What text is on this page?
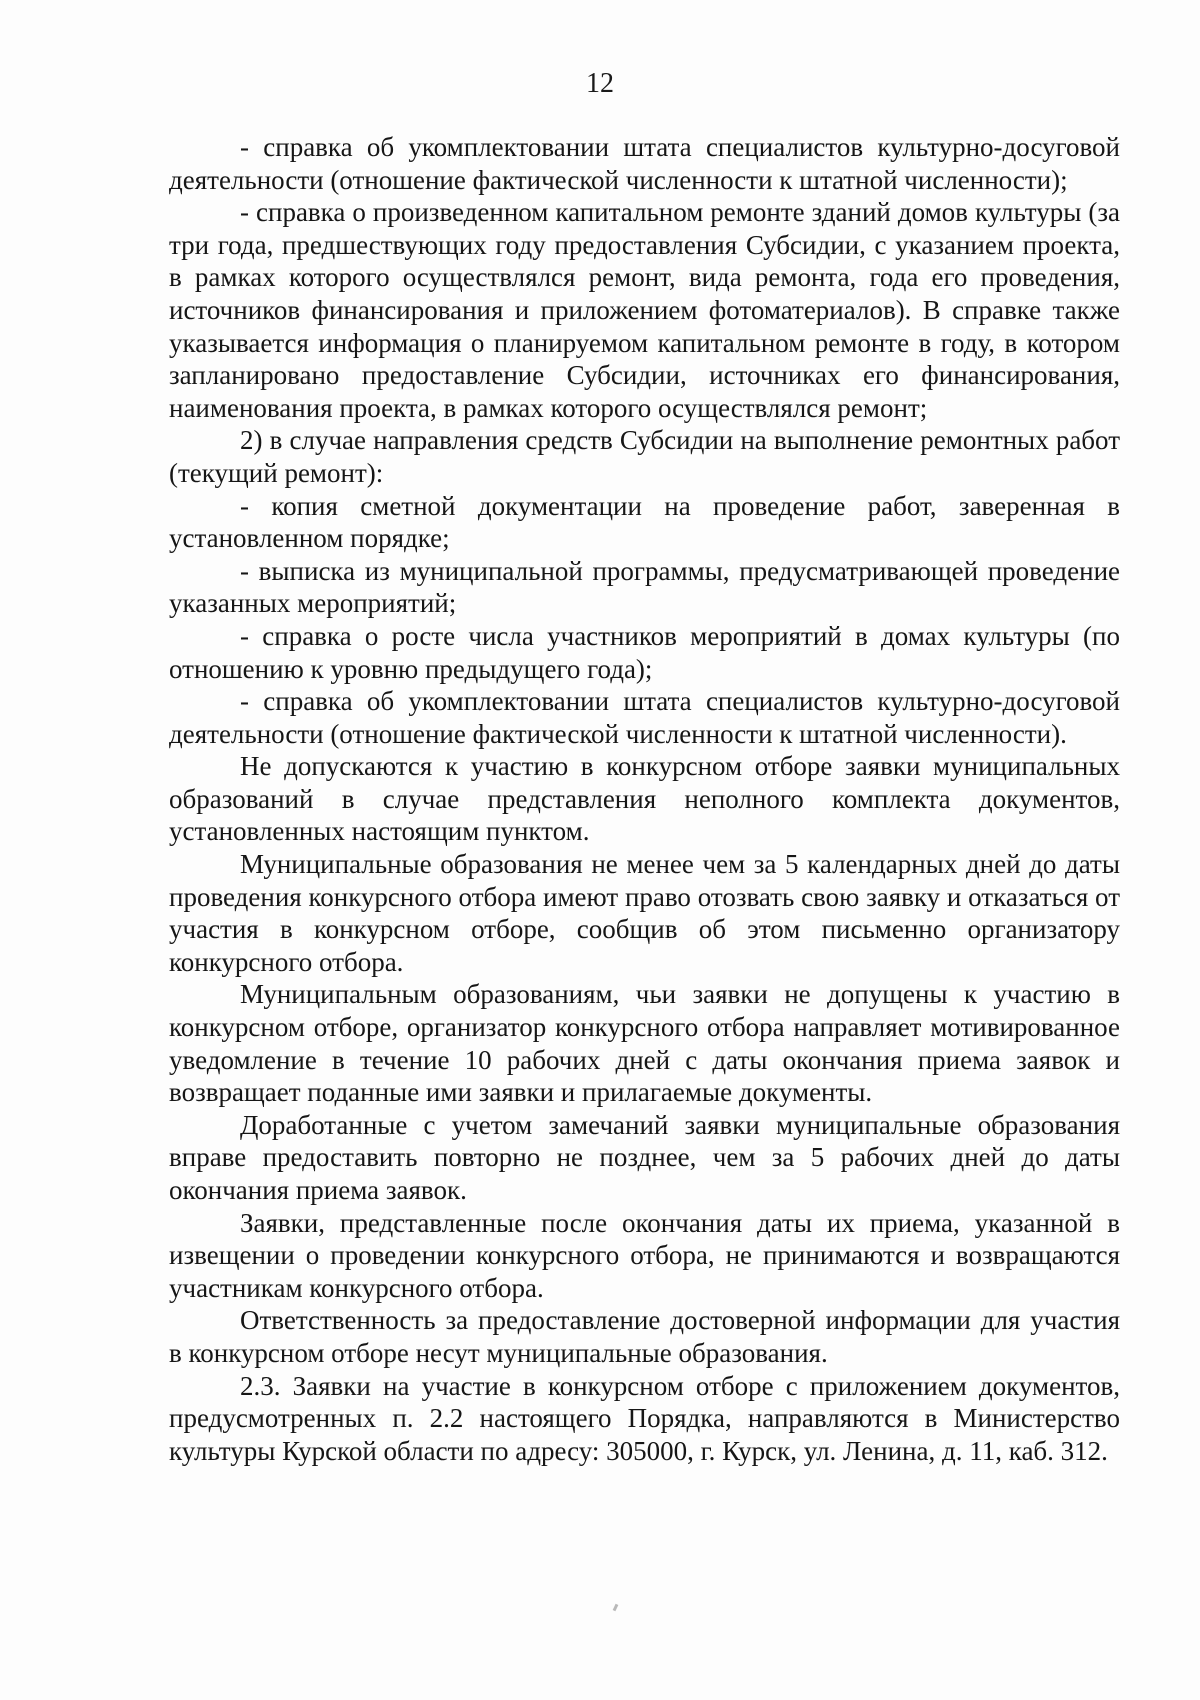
12

- справка об укомплектовании штата специалистов культурно-досуговой деятельности (отношение фактической численности к штатной численности);

- справка о произведенном капитальном ремонте зданий домов культуры (за три года, предшествующих году предоставления Субсидии, с указанием проекта, в рамках которого осуществлялся ремонт, вида ремонта, года его проведения, источников финансирования и приложением фотоматериалов). В справке также указывается информация о планируемом капитальном ремонте в году, в котором запланировано предоставление Субсидии, источниках его финансирования, наименования проекта, в рамках которого осуществлялся ремонт;

2) в случае направления средств Субсидии на выполнение ремонтных работ (текущий ремонт):

- копия сметной документации на проведение работ, заверенная в установленном порядке;

- выписка из муниципальной программы, предусматривающей проведение указанных мероприятий;

- справка о росте числа участников мероприятий в домах культуры (по отношению к уровню предыдущего года);

- справка об укомплектовании штата специалистов культурно-досуговой деятельности (отношение фактической численности к штатной численности).

Не допускаются к участию в конкурсном отборе заявки муниципальных образований в случае представления неполного комплекта документов, установленных настоящим пунктом.

Муниципальные образования не менее чем за 5 календарных дней до даты проведения конкурсного отбора имеют право отозвать свою заявку и отказаться от участия в конкурсном отборе, сообщив об этом письменно организатору конкурсного отбора.

Муниципальным образованиям, чьи заявки не допущены к участию в конкурсном отборе, организатор конкурсного отбора направляет мотивированное уведомление в течение 10 рабочих дней с даты окончания приема заявок и возвращает поданные ими заявки и прилагаемые документы.

Доработанные с учетом замечаний заявки муниципальные образования вправе предоставить повторно не позднее, чем за 5 рабочих дней до даты окончания приема заявок.

Заявки, представленные после окончания даты их приема, указанной в извещении о проведении конкурсного отбора, не принимаются и возвращаются участникам конкурсного отбора.

Ответственность за предоставление достоверной информации для участия в конкурсном отборе несут муниципальные образования.

2.3. Заявки на участие в конкурсном отборе с приложением документов, предусмотренных п. 2.2 настоящего Порядка, направляются в Министерство культуры Курской области по адресу: 305000, г. Курск, ул. Ленина, д. 11, каб. 312.
